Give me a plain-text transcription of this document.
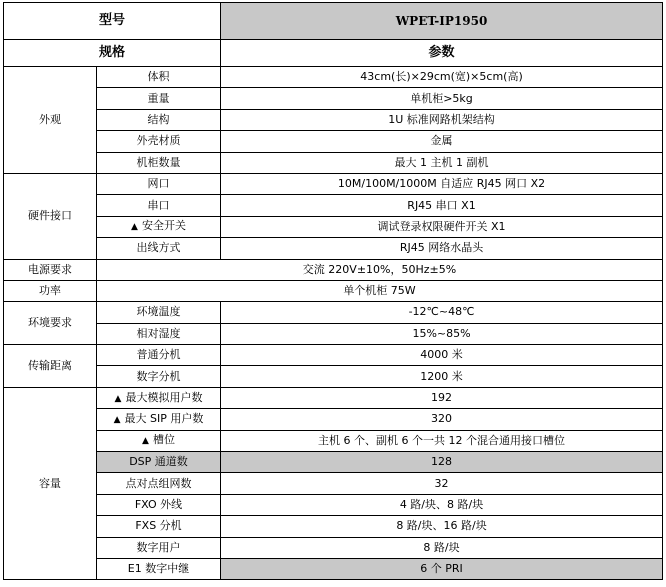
型号		WPET-IP1950
规格		参数
外观	体积	43cm(长)×29cm(宽)×5cm(高)
	重量	单机柜>5kg
	结构	1U 标准网路机架结构
	外壳材质	金属
	机柜数量	最大 1 主机 1 副机
硬件接口	网口	10M/100M/1000M 自适应 RJ45 网口 X2
	串口	RJ45 串口 X1
	▲ 安全开关	调试登录权限硬件开关 X1
	出线方式	RJ45 网络水晶头
电源要求	交流 220V±10%，50Hz±5%	
功率	单个机柜 75W	
环境要求	环境温度	-12℃~48℃
	相对湿度	15%~85%
传输距离	普通分机	4000 米
	数字分机	1200 米
容量	▲ 最大模拟用户数	192
	▲ 最大 SIP 用户数	320
	▲ 槽位	主机 6 个、副机 6 个一共 12 个混合通用接口槽位
	DSP 通道数	128
	点对点组网数	32
	FXO 外线	4 路/块、8 路/块
	FXS 分机	8 路/块、16 路/块
	数字用户	8 路/块
	E1 数字中继	6 个 PRI
